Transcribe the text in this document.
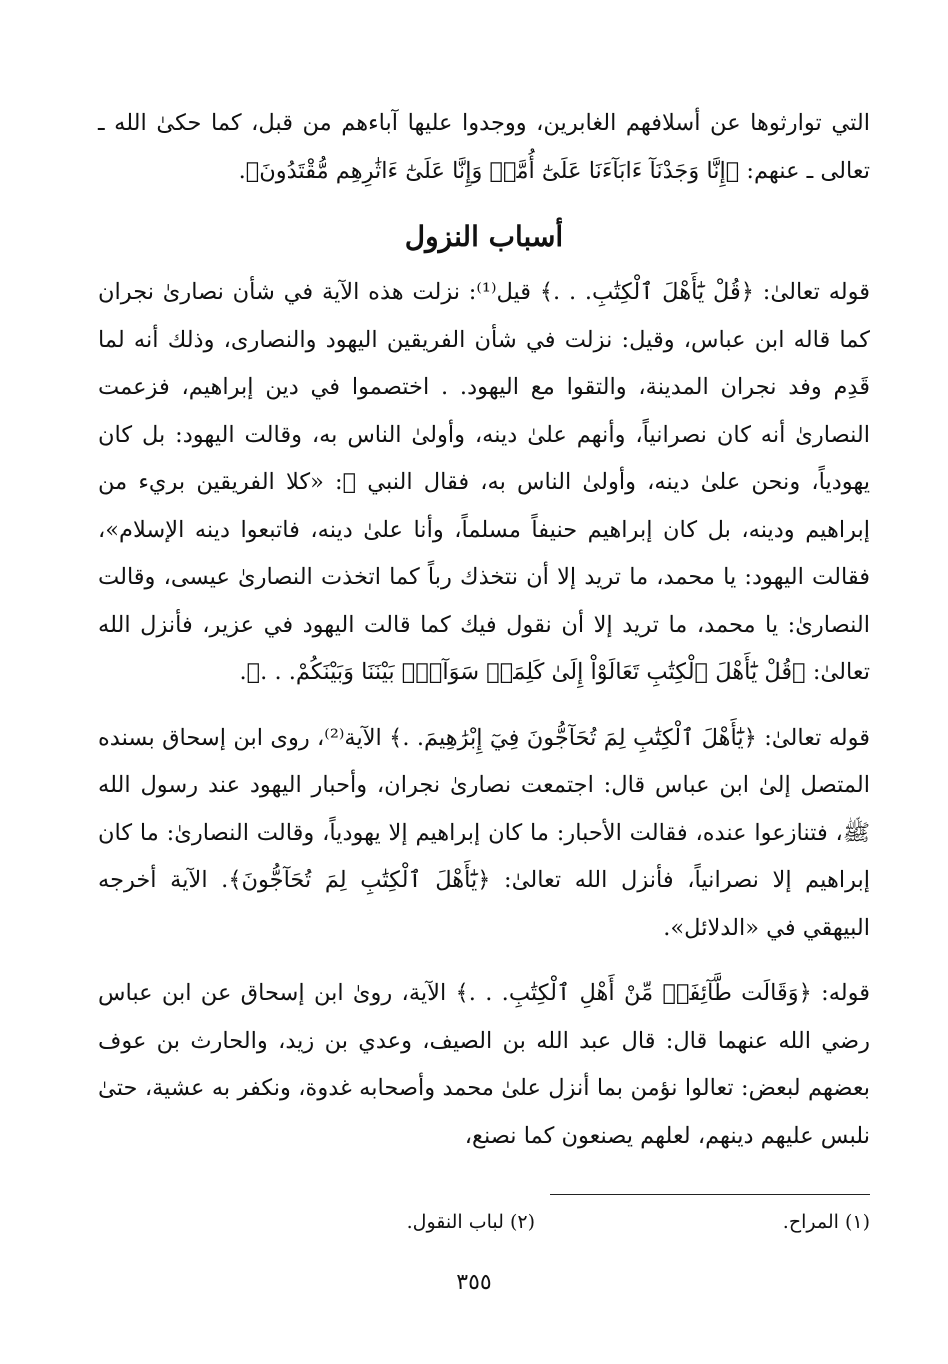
التي توارثوها عن أسلافهم الغابرين، ووجدوا عليها آباءهم من قبل، كما حكىٰ الله ـ تعالى ـ عنهم: ﴿إِنَّا وَجَدْنَآ ءَابَآءَنَا عَلَىٰٓ أُمَّةٖ وَإِنَّا عَلَىٰٓ ءَاثَٰرِهِم مُّقْتَدُونَ﴾.

أسباب النزول

قوله تعالىٰ: ﴿قُلْ يَٰٓأَهْلَ ٱلْكِتَٰبِ. . .﴾ قيل⁽¹⁾: نزلت هذه الآية في شأن نصارىٰ نجران كما قاله ابن عباس، وقيل: نزلت في شأن الفريقين اليهود والنصارى، وذلك أنه لما قَدِم وفد نجران المدينة، والتقوا مع اليهود. . اختصموا في دين إبراهيم، فزعمت النصارىٰ أنه كان نصرانياً، وأنهم علىٰ دينه، وأولىٰ الناس به، وقالت اليهود: بل كان يهودياً، ونحن علىٰ دينه، وأولىٰ الناس به، فقال النبي ﷺ: «كلا الفريقين بريء من إبراهيم ودينه، بل كان إبراهيم حنيفاً مسلماً، وأنا علىٰ دينه، فاتبعوا دينه الإسلام»، فقالت اليهود: يا محمد، ما تريد إلا أن نتخذك رباً كما اتخذت النصارىٰ عيسى، وقالت النصارىٰ: يا محمد، ما تريد إلا أن نقول فيك كما قالت اليهود في عزير، فأنزل الله تعالىٰ: ﴿قُلْ يَٰٓأَهْلَ ٱلْكِتَٰبِ تَعَالَوْاْ إِلَىٰ كَلِمَةٖ سَوَآءِۭ بَيْنَنَا وَبَيْنَكُمْ. . .﴾.

قوله تعالىٰ: ﴿يَٰٓأَهْلَ ٱلْكِتَٰبِ لِمَ تُحَآجُّونَ فِيٓ إِبْرَٰهِيمَ. .﴾ الآية⁽²⁾، روى ابن إسحاق بسنده المتصل إلىٰ ابن عباس قال: اجتمعت نصارىٰ نجران، وأحبار اليهود عند رسول الله ﷺ، فتنازعوا عنده، فقالت الأحبار: ما كان إبراهيم إلا يهودياً، وقالت النصارىٰ: ما كان إبراهيم إلا نصرانياً، فأنزل الله تعالىٰ: ﴿يَٰٓأَهْلَ ٱلْكِتَٰبِ لِمَ تُحَآجُّونَ﴾. الآية أخرجه البيهقي في «الدلائل».

قوله: ﴿وَقَالَت طَّآئِفَةٞ مِّنْ أَهْلِ ٱلْكِتَٰبِ. . .﴾ الآية، روىٰ ابن إسحاق عن ابن عباس رضي الله عنهما قال: قال عبد الله بن الصيف، وعدي بن زيد، والحارث بن عوف بعضهم لبعض: تعالوا نؤمن بما أنزل علىٰ محمد وأصحابه غدوة، ونكفر به عشية، حتىٰ نلبس عليهم دينهم، لعلهم يصنعون كما نصنع،

(١) المراح.
(٢) لباب النقول.
٣٥٥
